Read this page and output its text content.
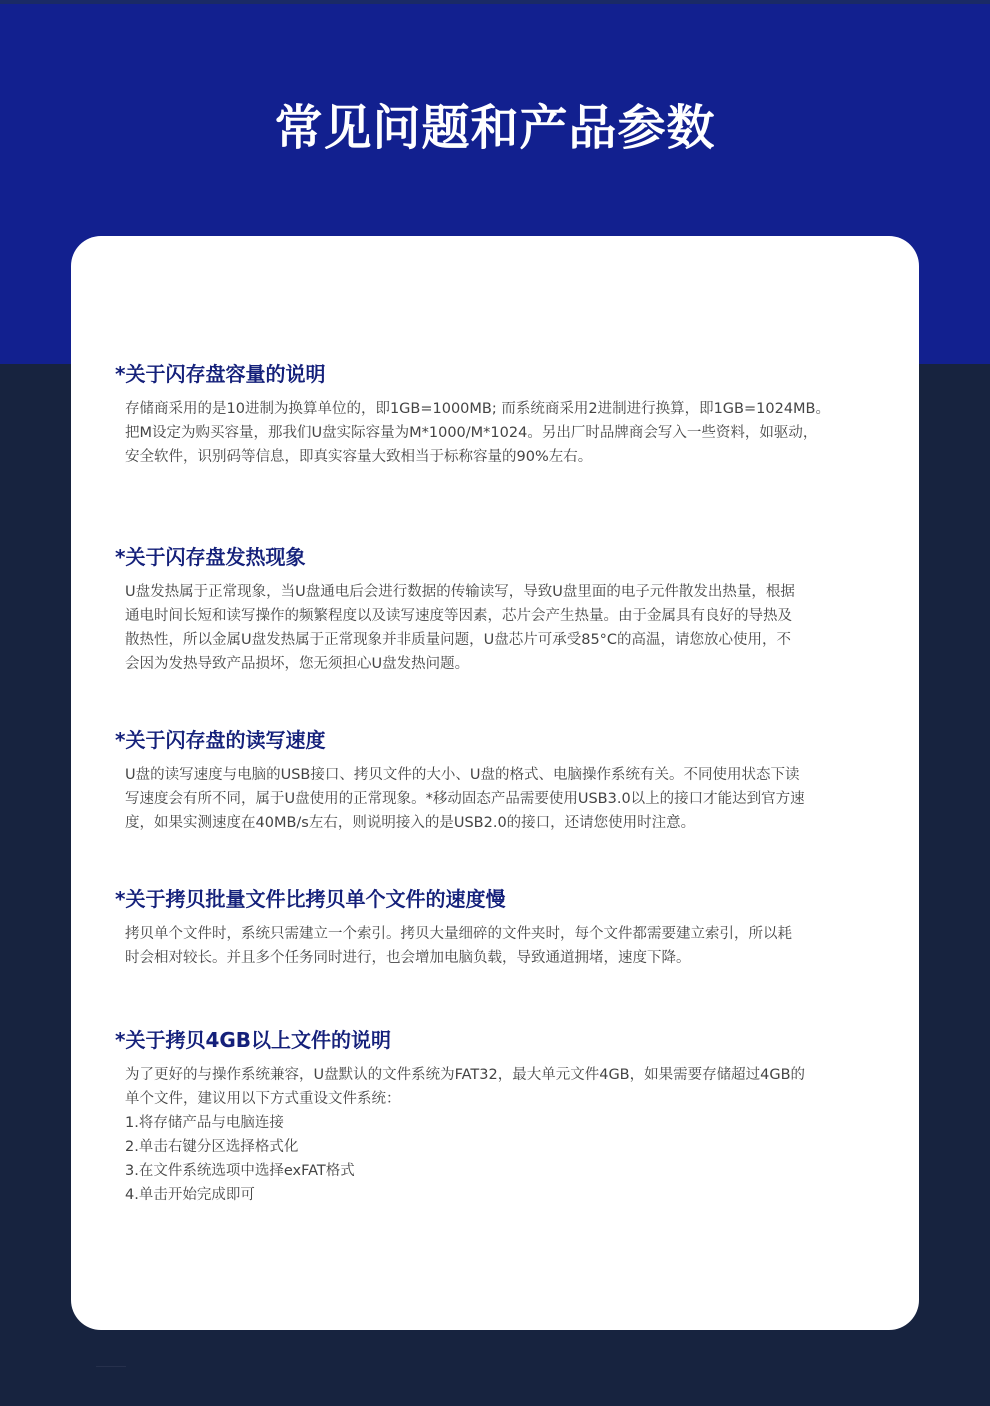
常见问题和产品参数
*关于闪存盘容量的说明

存储商采用的是10进制为换算单位的，即1GB=1000MB; 而系统商采用2进制进行换算，即1GB=1024MB。
把M设定为购买容量，那我们U盘实际容量为M*1000/M*1024。另出厂时品牌商会写入一些资料，如驱动，
安全软件，识别码等信息，即真实容量大致相当于标称容量的90%左右。

*关于闪存盘发热现象

U盘发热属于正常现象，当U盘通电后会进行数据的传输读写，导致U盘里面的电子元件散发出热量，根据
通电时间长短和读写操作的频繁程度以及读写速度等因素，芯片会产生热量。由于金属具有良好的导热及
散热性，所以金属U盘发热属于正常现象并非质量问题，U盘芯片可承受85°C的高温，请您放心使用，不
会因为发热导致产品损坏，您无须担心U盘发热问题。

*关于闪存盘的读写速度

U盘的读写速度与电脑的USB接口、拷贝文件的大小、U盘的格式、电脑操作系统有关。不同使用状态下读
写速度会有所不同，属于U盘使用的正常现象。*移动固态产品需要使用USB3.0以上的接口才能达到官方速
度，如果实测速度在40MB/s左右，则说明接入的是USB2.0的接口，还请您使用时注意。

*关于拷贝批量文件比拷贝单个文件的速度慢

拷贝单个文件时，系统只需建立一个索引。拷贝大量细碎的文件夹时，每个文件都需要建立索引，所以耗
时会相对较长。并且多个任务同时进行，也会增加电脑负载，导致通道拥堵，速度下降。

*关于拷贝4GB以上文件的说明

为了更好的与操作系统兼容，U盘默认的文件系统为FAT32，最大单元文件4GB，如果需要存储超过4GB的
单个文件，建议用以下方式重设文件系统：
1.将存储产品与电脑连接
2.单击右键分区选择格式化
3.在文件系统选项中选择exFAT格式
4.单击开始完成即可
